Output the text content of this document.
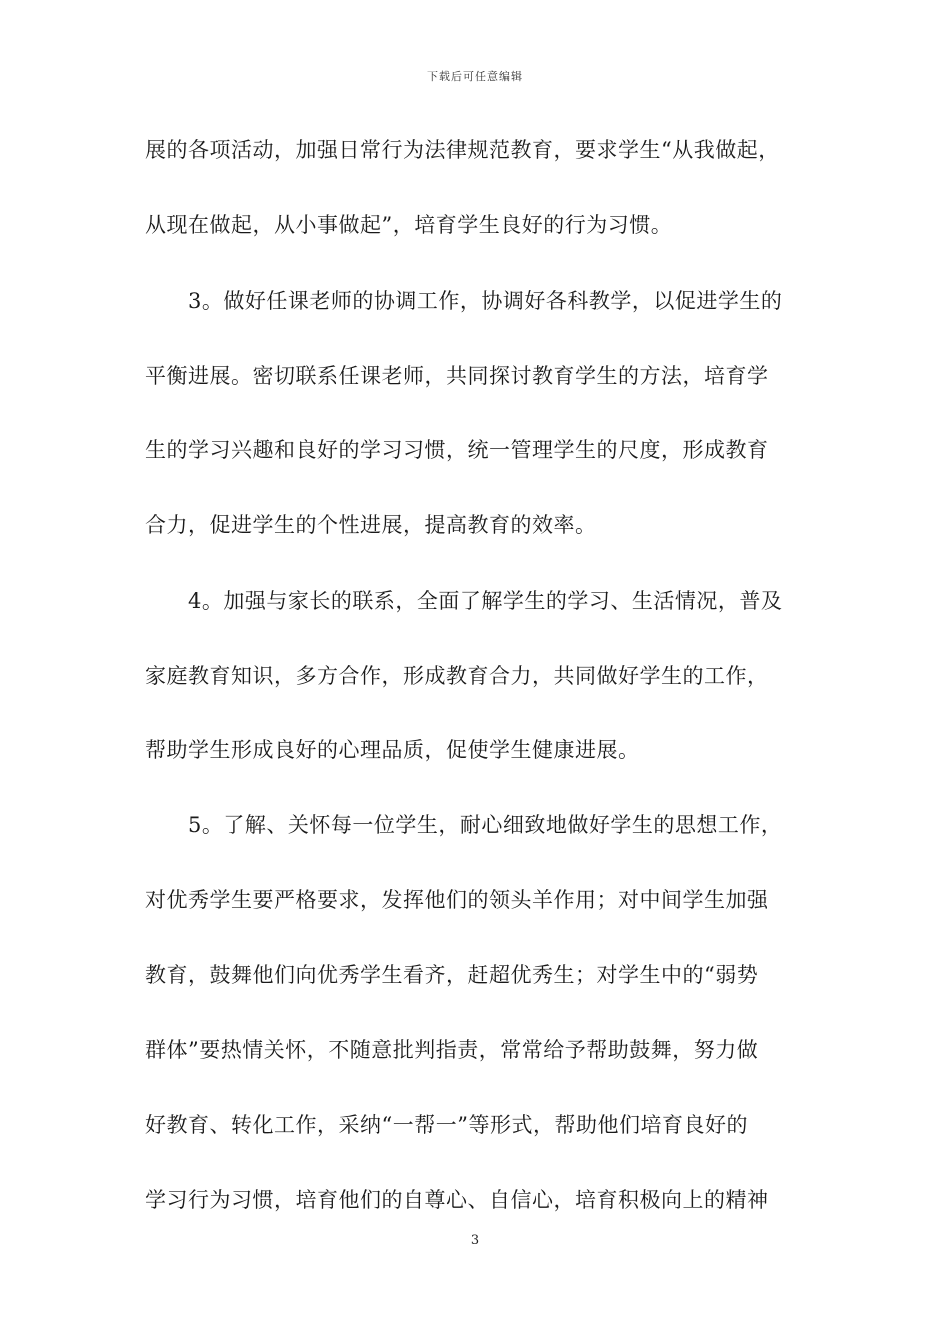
下载后可任意编辑
展的各项活动，加强日常行为法律规范教育，要求学生“从我做起，
从现在做起，从小事做起”，培育学生良好的行为习惯。
　　3。做好任课老师的协调工作，协调好各科教学，以促进学生的
平衡进展。密切联系任课老师，共同探讨教育学生的方法，培育学
生的学习兴趣和良好的学习习惯，统一管理学生的尺度，形成教育
合力，促进学生的个性进展，提高教育的效率。
　　4。加强与家长的联系，全面了解学生的学习、生活情况，普及
家庭教育知识，多方合作，形成教育合力，共同做好学生的工作，
帮助学生形成良好的心理品质，促使学生健康进展。
　　5。了解、关怀每一位学生，耐心细致地做好学生的思想工作，
对优秀学生要严格要求，发挥他们的领头羊作用；对中间学生加强
教育，鼓舞他们向优秀学生看齐，赶超优秀生；对学生中的“弱势
群体”要热情关怀，不随意批判指责，常常给予帮助鼓舞，努力做
好教育、转化工作，采纳“一帮一”等形式，帮助他们培育良好的
学习行为习惯，培育他们的自尊心、自信心，培育积极向上的精神
3
